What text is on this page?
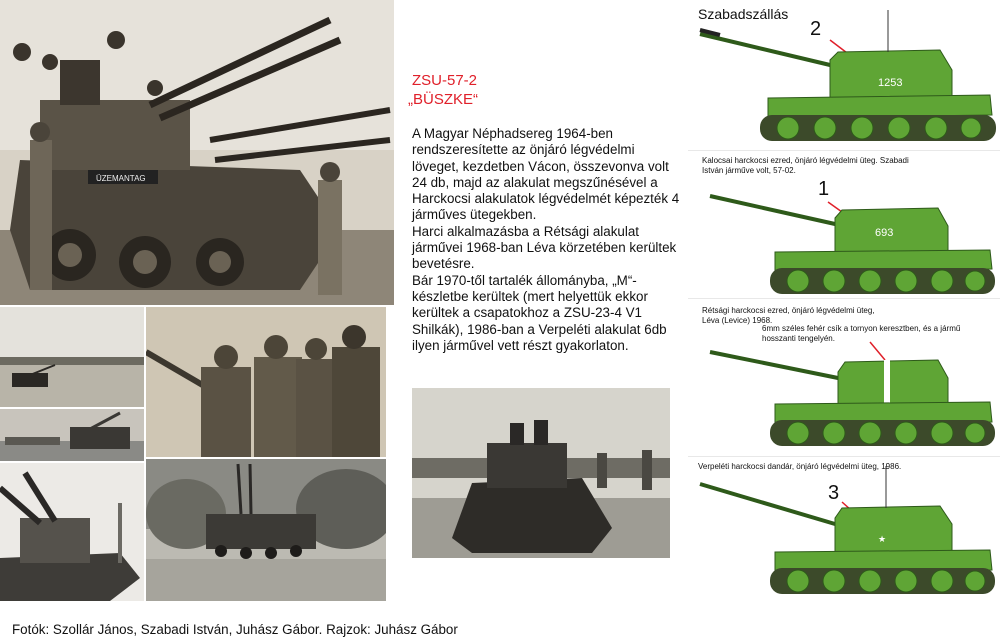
ÜZEMANTAG
ZSU-57-2
„BÜSZKE“

A Magyar Néphadsereg 1964-ben rendszeresítette az önjáró légvédelmi löveget, kezdetben Vácon, összevonva volt 24 db, majd az alakulat megszűnésével a Harckocsi alakulatok légvédelmét képezték 4 járműves ütegekben.

Harci alkalmazásba a Rétsági alakulat járművei 1968-ban Léva körzetében kerültek bevetésre.

Bár 1970-től tartalék állományba, „M“-készletbe kerültek (mert helyettük ekkor kerültek a csapatokhoz a ZSU-23-4 V1 Shilkák), 1986-ban a Verpeléti alakulat 6db ilyen járművel vett részt gyakorlaton.

Szabadszállás
2
1253
Kalocsai harckocsi ezred, önjáró légvédelmi üteg. Szabadi István járműve volt, 57-02.
1
693
Rétsági harckocsi ezred, önjáró légvédelmi üteg, Léva (Levice) 1968.
6mm széles fehér csík a tornyon keresztben, és a jármű hosszanti tengelyén.
Verpeléti harckocsi dandár, önjáró légvédelmi üteg, 1986.
3
★
Fotók: Szollár János, Szabadi István, Juhász Gábor. Rajzok: Juhász Gábor
